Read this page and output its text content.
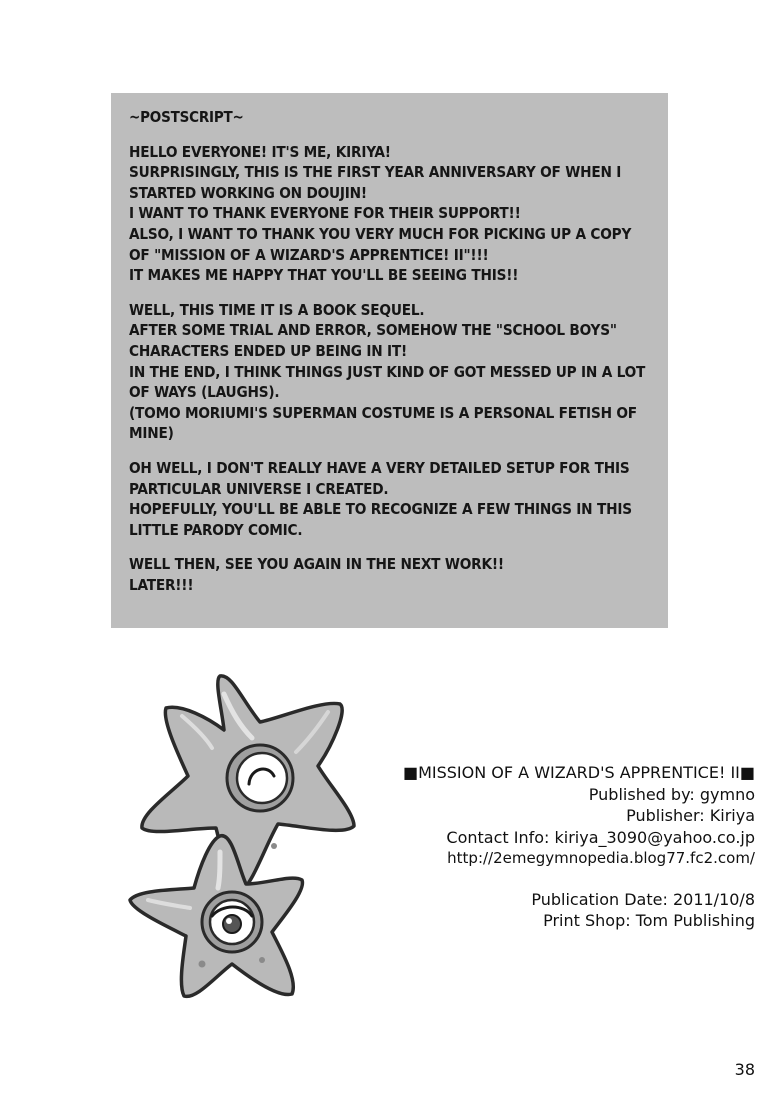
~POSTSCRIPT~
HELLO EVERYONE! IT'S ME, KIRIYA!
SURPRISINGLY, THIS IS THE FIRST YEAR ANNIVERSARY OF WHEN I
STARTED WORKING ON DOUJIN!
I WANT TO THANK EVERYONE FOR THEIR SUPPORT!!
ALSO, I WANT TO THANK YOU VERY MUCH FOR PICKING UP A COPY
OF "MISSION OF A WIZARD'S APPRENTICE! II"!!!
IT MAKES ME HAPPY THAT YOU'LL BE SEEING THIS!!
WELL, THIS TIME IT IS A BOOK SEQUEL.
AFTER SOME TRIAL AND ERROR, SOMEHOW THE "SCHOOL BOYS"
CHARACTERS ENDED UP BEING IN IT!
IN THE END, I THINK THINGS JUST KIND OF GOT MESSED UP IN A LOT
OF WAYS (LAUGHS).
(TOMO MORIUMI'S SUPERMAN COSTUME IS A PERSONAL FETISH OF
MINE)
OH WELL, I DON'T REALLY HAVE A VERY DETAILED SETUP FOR THIS
PARTICULAR UNIVERSE I CREATED.
HOPEFULLY, YOU'LL BE ABLE TO RECOGNIZE A FEW THINGS IN THIS
LITTLE PARODY COMIC.
WELL THEN, SEE YOU AGAIN IN THE NEXT WORK!!
LATER!!!
■MISSION OF A WIZARD'S APPRENTICE! II■
Published by: gymno
Publisher: Kiriya
Contact Info: kiriya_3090@yahoo.co.jp
http://2emegymnopedia.blog77.fc2.com/
Publication Date: 2011/10/8
Print Shop: Tom Publishing
38
